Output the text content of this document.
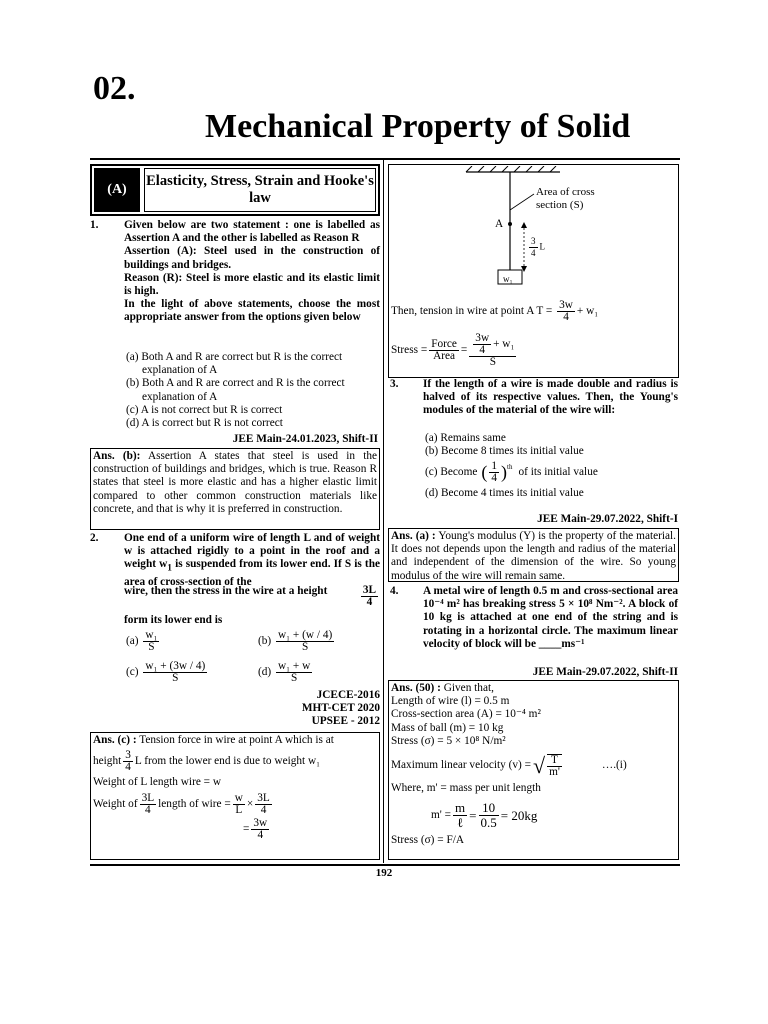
02.
Mechanical Property of Solid
(A)
Elasticity, Stress, Strain and Hooke's law
1. Given below are two statement : one is labelled as Assertion A and the other is labelled as Reason R
Assertion (A): Steel used in the construction of buildings and bridges.
Reason (R): Steel is more elastic and its elastic limit is high.
In the light of above statements, choose the most appropriate answer from the options given below
(a) Both A and R are correct but R is the correct explanation of A
(b) Both A and R are correct and R is the correct explanation of A
(c) A is not correct but R is correct
(d) A is correct but R is not correct
JEE Main-24.01.2023, Shift-II
Ans. (b): Assertion A states that steel is used in the construction of buildings and bridges, which is true. Reason R states that steel is more elastic and has a higher elastic limit compared to other common construction materials like concrete, and that is why it is preferred in construction.
2. One end of a uniform wire of length L and of weight w is attached rigidly to a point in the roof and a weight $w_1$ is suspended from its lower end. If S is the area of cross-section of the
wire, then the stress in the wire at a height	$\frac{3L}{4}$
form its lower end is
$(a) \frac{\text{w₁}}{S}$	$(b) \frac{\text{w₁ + (w / 4)}}{S}$
$(c) \frac{\text{w₁ + (3w / 4)}}{S}$	$(d) \frac{\text{w₁ + w}}{S}$
JCECE-2016
MHT-CET 2020
UPSEE - 2012
Ans. (c) : Tension force in wire at point A which is at
height $\frac{3}{4}$ L from the lower end is due to weight w₁
Weight of L length wire = w
Weight of $\frac{3L}{4}$ length of wire = $\frac{w}{L} \times \frac{3L}{4}$
= $\frac{3w}{4}$
Area of cross section (S)
A
$\frac{3}{4}$ L
w₁
Then, tension in wire at point A $T = \frac{3w}{4} + w_1$
Stress = $\frac{\text{Force}}{\text{Area}} = \frac{\frac{3w}{4} + w_1}{S}$
3. If the length of a wire is made double and radius is halved of its respective values. Then, the Young's modules of the material of the wire will:
(a) Remains same
(b) Become 8 times its initial value
(c) Become ( $\frac{1}{4} )^{th}$ of its initial value
(d) Become 4 times its initial value
JEE Main-29.07.2022, Shift-I
Ans. (a) : Young's modulus (Y) is the property of the material. It does not depends upon the length and radius of the material and independent of the dimension of the wire. So young modulus of the wire will remain same.
4. A metal wire of length 0.5 m and cross-sectional area 10⁻⁴ m² has breaking stress 5 × 10⁸ Nm⁻². A block of 10 kg is attached at one end of the string and is rotating in a horizontal circle. The maximum linear velocity of block will be ____ms⁻¹
JEE Main-29.07.2022, Shift-II
Ans. (50) : Given that,
Length of wire (l) = 0.5 m
Cross-section area (A) = 10⁻⁴ m²
Mass of ball (m) = 10 kg
Stress (σ) = 5 × 10⁸ N/m²
Maximum linear velocity (v) = √ $\frac{T}{m'}$	….(i)
Where, m' = mass per unit length
$m' = \frac{m}{\text{ℓ}} = \frac{10}{0.5} = 20kg$
Stress (σ) = F/A
192
